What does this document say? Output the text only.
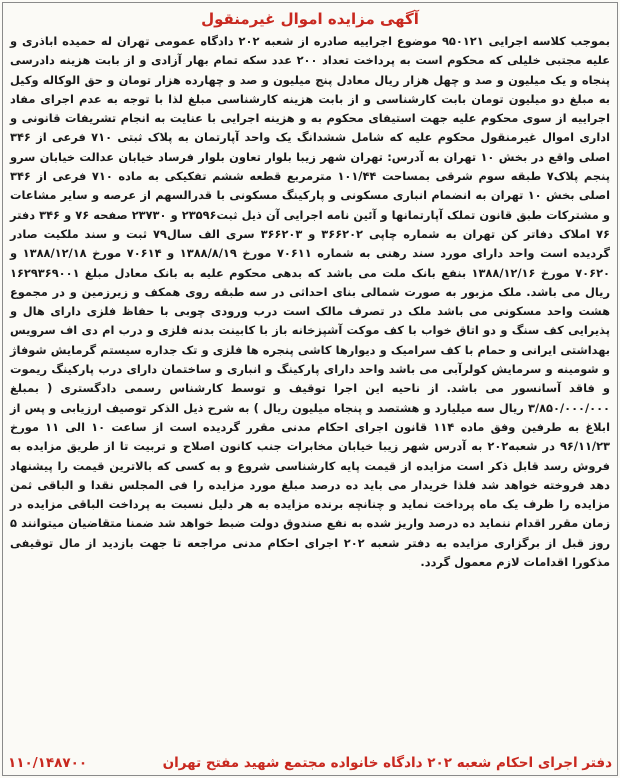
آگهی مزایده اموال غیرمنقول

بموجب کلاسه اجرایی ۹۵۰۱۲۱ موضوع اجراییه صادره از شعبه ۲۰۲ دادگاه عمومی تهران له حمیده اباذری و علیه مجتبی خلیلی که محکوم است به پرداخت تعداد ۲۰۰ عدد سکه تمام بهار آزادی و از بابت هزینه دادرسی پنجاه و یک میلیون و صد و چهل هزار ریال معادل پنج میلیون و صد و چهارده هزار تومان و حق الوکاله وکیل به مبلغ دو میلیون تومان بابت کارشناسی و از بابت هزینه کارشناسی مبلغ لذا با توجه به عدم اجرای مفاد اجراییه از سوی محکوم علیه جهت استیفای محکوم به و هزینه اجرایی با عنایت به انجام تشریفات قانونی و اداری اموال غیرمنقول محکوم علیه که شامل ششدانگ یک واحد آپارتمان به پلاک ثبتی ۷۱۰ فرعی از ۳۴۶ اصلی واقع در بخش ۱۰ تهران به آدرس: تهران شهر زیبا بلوار تعاون بلوار فرساد خیابان عدالت خیابان سرو پنجم پلاک۷ طبقه سوم شرقی بمساحت ۱۰۱/۴۴ مترمربع قطعه ششم تفکیکی به ماده ۷۱۰ فرعی از ۳۴۶ اصلی بخش ۱۰ تهران به انضمام انباری مسکونی و پارکینگ مسکونی با قدرالسهم از عرصه و سایر مشاعات و مشترکات طبق قانون تملک آپارتمانها و آئین نامه اجرایی آن ذیل ثبت۲۳۵۹۶ و ۲۳۷۳۰ صفحه ۷۶ و ۳۴۶ دفتر ۷۶ املاک دفاتر کن تهران به شماره چاپی ۳۶۶۲۰۲ و ۳۶۶۲۰۳ سری الف سال۷۹ ثبت و سند ملکیت صادر گردیده است واحد دارای مورد سند رهنی به شماره ۷۰۶۱۱ مورخ ۱۳۸۸/۸/۱۹ و ۷۰۶۱۴ مورخ ۱۳۸۸/۱۲/۱۸ و ۷۰۶۲۰ مورخ ۱۳۸۸/۱۲/۱۶ بنفع بانک ملت می باشد که بدهی محکوم علیه به بانک معادل مبلغ ۱۶۲۹۳۶۹۰۰۱ ریال می باشد. ملک مزبور به صورت شمالی بنای احداثی در سه طبقه روی همکف و زیرزمین و در مجموع هشت واحد مسکونی می باشد ملک در تصرف مالک است درب ورودی چوبی با حفاظ فلزی دارای هال و پذیرایی کف سنگ و دو اتاق خواب با کف موکت آشپزخانه باز با کابینت بدنه فلزی و درب ام دی اف سرویس بهداشتی ایرانی و حمام با کف سرامیک و دیوارها کاشی پنجره ها فلزی و تک جداره سیستم گرمایش شوفاژ و شومینه و سرمایش کولرآبی می باشد واحد دارای پارکینگ و انباری و ساختمان دارای درب پارکینگ ریموت و فاقد آسانسور می باشد. از ناحیه این اجرا توقیف و توسط کارشناس رسمی دادگستری ( بمبلغ ۳/۸۵۰/۰۰۰/۰۰۰ ریال سه میلیارد و هشتصد و پنجاه میلیون ریال ) به شرح ذیل الذکر توصیف ارزیابی و پس از ابلاغ به طرفین وفق ماده ۱۱۴ قانون اجرای احکام مدنی مقرر گردیده است از ساعت ۱۰ الی ۱۱ مورخ ۹۶/۱۱/۲۳ در شعبه۲۰۲ به آدرس شهر زیبا خیابان مخابرات جنب کانون اصلاح و تربیت تا از طریق مزایده به فروش رسد قابل ذکر است مزایده از قیمت پایه کارشناسی شروع و به کسی که بالاترین قیمت را پیشنهاد دهد فروخته خواهد شد فلذا خریدار می باید ده درصد مبلغ مورد مزایده را فی المجلس نقدا و الباقی ثمن مزایده را ظرف یک ماه پرداخت نماید و چنانچه برنده مزایده به هر دلیل نسبت به پرداخت الباقی مزایده در زمان مقرر اقدام ننماید ده درصد واریز شده به نفع صندوق دولت ضبط خواهد شد ضمنا متقاضیان میتوانند ۵ روز قبل از برگزاری مزایده به دفتر شعبه ۲۰۲ اجرای احکام مدنی مراجعه تا جهت بازدید از مال توقیفی مذکورا اقدامات لازم معمول گردد.

دفتر اجرای احکام شعبه ۲۰۲ دادگاه خانواده مجتمع شهید مفتح تهران
۱۱۰/۱۴۸۷۰۰
